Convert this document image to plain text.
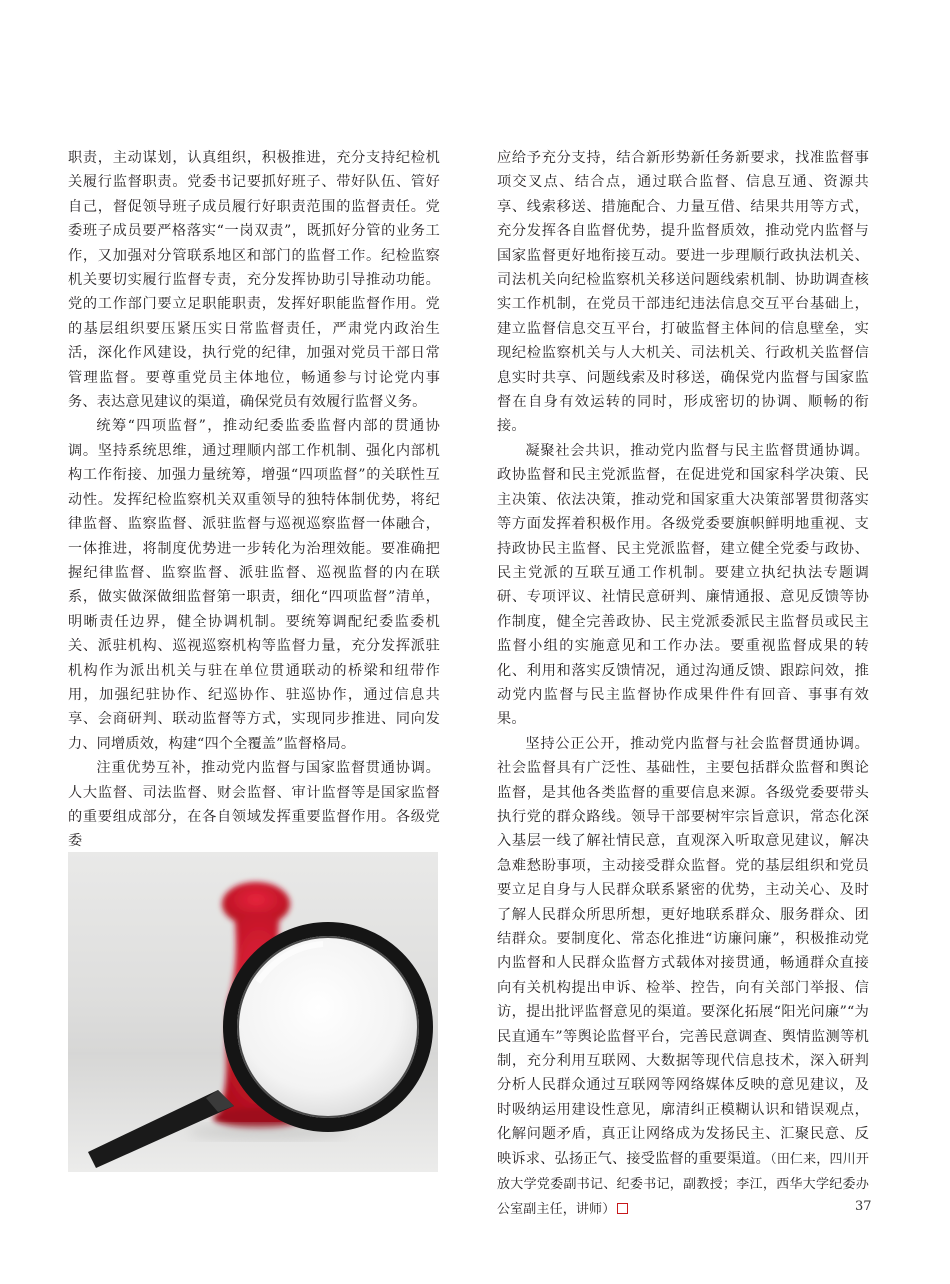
职责，主动谋划，认真组织，积极推进，充分支持纪检机关履行监督职责。党委书记要抓好班子、带好队伍、管好自己，督促领导班子成员履行好职责范围的监督责任。党委班子成员要严格落实“一岗双责”，既抓好分管的业务工作，又加强对分管联系地区和部门的监督工作。纪检监察机关要切实履行监督专责，充分发挥协助引导推动功能。党的工作部门要立足职能职责，发挥好职能监督作用。党的基层组织要压紧压实日常监督责任，严肃党内政治生活，深化作风建设，执行党的纪律，加强对党员干部日常管理监督。要尊重党员主体地位，畅通参与讨论党内事务、表达意见建议的渠道，确保党员有效履行监督义务。

统筹“四项监督”，推动纪委监委监督内部的贯通协调。坚持系统思维，通过理顺内部工作机制、强化内部机构工作衔接、加强力量统筹，增强“四项监督”的关联性互动性。发挥纪检监察机关双重领导的独特体制优势，将纪律监督、监察监督、派驻监督与巡视巡察监督一体融合，一体推进，将制度优势进一步转化为治理效能。要准确把握纪律监督、监察监督、派驻监督、巡视监督的内在联系，做实做深做细监督第一职责，细化“四项监督”清单，明晰责任边界，健全协调机制。要统筹调配纪委监委机关、派驻机构、巡视巡察机构等监督力量，充分发挥派驻机构作为派出机关与驻在单位贯通联动的桥梁和纽带作用，加强纪驻协作、纪巡协作、驻巡协作，通过信息共享、会商研判、联动监督等方式，实现同步推进、同向发力、同增质效，构建“四个全覆盖”监督格局。

注重优势互补，推动党内监督与国家监督贯通协调。人大监督、司法监督、财会监督、审计监督等是国家监督的重要组成部分，在各自领域发挥重要监督作用。各级党委

应给予充分支持，结合新形势新任务新要求，找准监督事项交叉点、结合点，通过联合监督、信息互通、资源共享、线索移送、措施配合、力量互借、结果共用等方式，充分发挥各自监督优势，提升监督质效，推动党内监督与国家监督更好地衔接互动。要进一步理顺行政执法机关、司法机关向纪检监察机关移送问题线索机制、协助调查核实工作机制，在党员干部违纪违法信息交互平台基础上，建立监督信息交互平台，打破监督主体间的信息壁垒，实现纪检监察机关与人大机关、司法机关、行政机关监督信息实时共享、问题线索及时移送，确保党内监督与国家监督在自身有效运转的同时，形成密切的协调、顺畅的衔接。

凝聚社会共识，推动党内监督与民主监督贯通协调。政协监督和民主党派监督，在促进党和国家科学决策、民主决策、依法决策，推动党和国家重大决策部署贯彻落实等方面发挥着积极作用。各级党委要旗帜鲜明地重视、支持政协民主监督、民主党派监督，建立健全党委与政协、民主党派的互联互通工作机制。要建立执纪执法专题调研、专项评议、社情民意研判、廉情通报、意见反馈等协作制度，健全完善政协、民主党派委派民主监督员或民主监督小组的实施意见和工作办法。要重视监督成果的转化、利用和落实反馈情况，通过沟通反馈、跟踪问效，推动党内监督与民主监督协作成果件件有回音、事事有效果。

坚持公正公开，推动党内监督与社会监督贯通协调。社会监督具有广泛性、基础性，主要包括群众监督和舆论监督，是其他各类监督的重要信息来源。各级党委要带头执行党的群众路线。领导干部要树牢宗旨意识，常态化深入基层一线了解社情民意，直观深入听取意见建议，解决急难愁盼事项，主动接受群众监督。党的基层组织和党员要立足自身与人民群众联系紧密的优势，主动关心、及时了解人民群众所思所想，更好地联系群众、服务群众、团结群众。要制度化、常态化推进“访廉问廉”，积极推动党内监督和人民群众监督方式载体对接贯通，畅通群众直接向有关机构提出申诉、检举、控告，向有关部门举报、信访，提出批评监督意见的渠道。要深化拓展“阳光问廉”“为民直通车”等舆论监督平台，完善民意调查、舆情监测等机制，充分利用互联网、大数据等现代信息技术，深入研判分析人民群众通过互联网等网络媒体反映的意见建议，及时吸纳运用建设性意见，廓清纠正模糊认识和错误观点，化解问题矛盾，真正让网络成为发扬民主、汇聚民意、反映诉求、弘扬正气、接受监督的重要渠道。（田仁来，四川开放大学党委副书记、纪委书记，副教授；李江，西华大学纪委办公室副主任，讲师）	37
